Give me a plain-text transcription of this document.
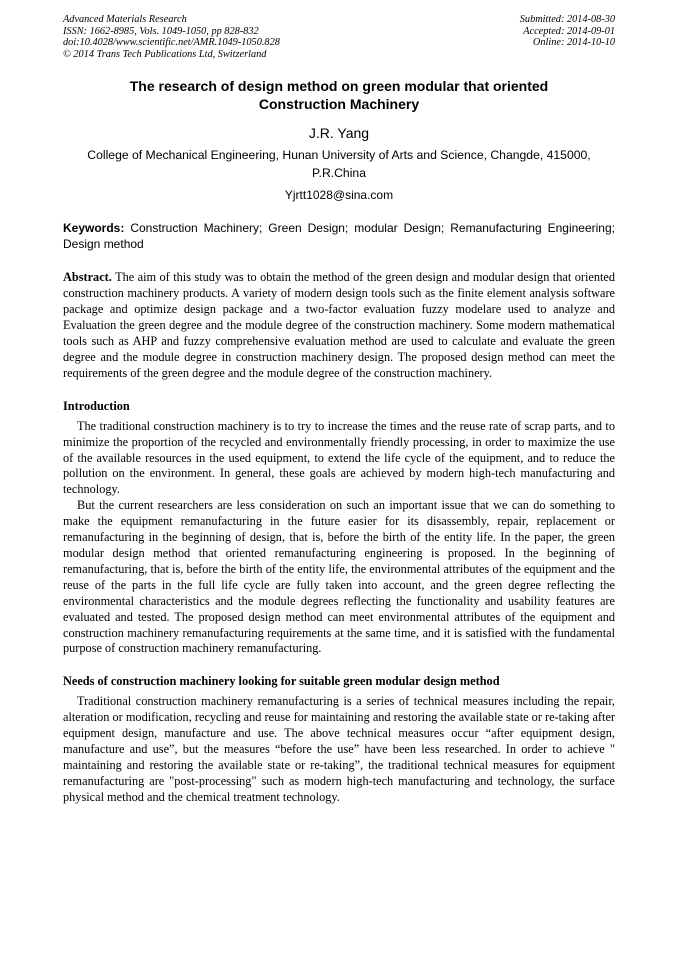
Advanced Materials Research
ISSN: 1662-8985, Vols. 1049-1050, pp 828-832
doi:10.4028/www.scientific.net/AMR.1049-1050.828
© 2014 Trans Tech Publications Ltd, Switzerland
Submitted: 2014-08-30
Accepted: 2014-09-01
Online: 2014-10-10
The research of design method on green modular that oriented
Construction Machinery
J.R. Yang
College of Mechanical Engineering, Hunan University of Arts and Science, Changde, 415000,
P.R.China
Yjrtt1028@sina.com
Keywords: Construction Machinery; Green Design; modular Design; Remanufacturing Engineering; Design method

Abstract. The aim of this study was to obtain the method of the green design and modular design that oriented construction machinery products. A variety of modern design tools such as the finite element analysis software package and optimize design package and a two-factor evaluation fuzzy modelare used to analyze and Evaluation the green degree and the module degree of the construction machinery. Some modern mathematical tools such as AHP and fuzzy comprehensive evaluation method are used to calculate and evaluate the green degree and the module degree in construction machinery design. The proposed design method can meet the requirements of the green degree and the module degree of the construction machinery.

Introduction

The traditional construction machinery is to try to increase the times and the reuse rate of scrap parts, and to minimize the proportion of the recycled and environmentally friendly processing, in order to maximize the use of the available resources in the used equipment, to extend the life cycle of the equipment, and to reduce the pollution on the environment. In general, these goals are achieved by modern high-tech manufacturing and technology.

But the current researchers are less consideration on such an important issue that we can do something to make the equipment remanufacturing in the future easier for its disassembly, repair, replacement or remanufacturing in the beginning of design, that is, before the birth of the entity life. In the paper, the green modular design method that oriented remanufacturing engineering is proposed. In the beginning of remanufacturing, that is, before the birth of the entity life, the environmental attributes of the equipment and the reuse of the parts in the full life cycle are fully taken into account, and the green degree reflecting the environmental characteristics and the module degrees reflecting the functionality and usability features are evaluated and tested. The proposed design method can meet environmental attributes of the equipment and construction machinery remanufacturing requirements at the same time, and it is satisfied with the fundamental purpose of construction machinery remanufacturing.

Needs of construction machinery looking for suitable green modular design method

Traditional construction machinery remanufacturing is a series of technical measures including the repair, alteration or modification, recycling and reuse for maintaining and restoring the available state or re-taking after equipment design, manufacture and use. The above technical measures occur “after equipment design, manufacture and use”, but the measures “before the use” have been less researched. In order to achieve " maintaining and restoring the available state or re-taking”, the traditional technical measures for equipment remanufacturing are "post-processing" such as modern high-tech manufacturing and technology, the surface physical method and the chemical treatment technology.
